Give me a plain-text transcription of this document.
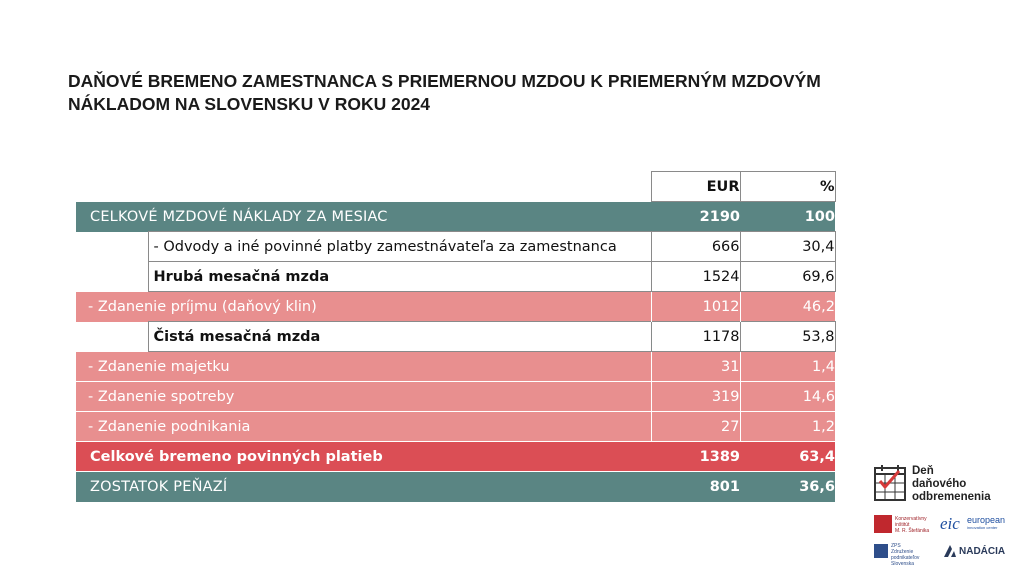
DAŇOVÉ BREMENO ZAMESTNANCA S PRIEMERNOU MZDOU K PRIEMERNÝM MZDOVÝM
NÁKLADOM NA SLOVENSKU V ROKU 2024
		EUR	%
CELKOVÉ MZDOVÉ NÁKLADY ZA MESIAC		2190	100
	- Odvody a iné povinné platby zamestnávateľa za zamestnanca	666	30,4
	Hrubá mesačná mzda	1524	69,6
- Zdanenie príjmu (daňový klin)		1012	46,2
	Čistá mesačná mzda	1178	53,8
- Zdanenie majetku		31	1,4
- Zdanenie spotreby		319	14,6
- Zdanenie podnikania		27	1,2
Celkové bremeno povinných platieb		1389	63,4
ZOSTATOK PEŇAZÍ		801	36,6
Deň
daňového
odbremenenia
Konzervatívny
inštitút
M. R. Štefánika eic european
innovation center
ZPS
Združenie podnikateľov
Slovenska
NADÁCIA
